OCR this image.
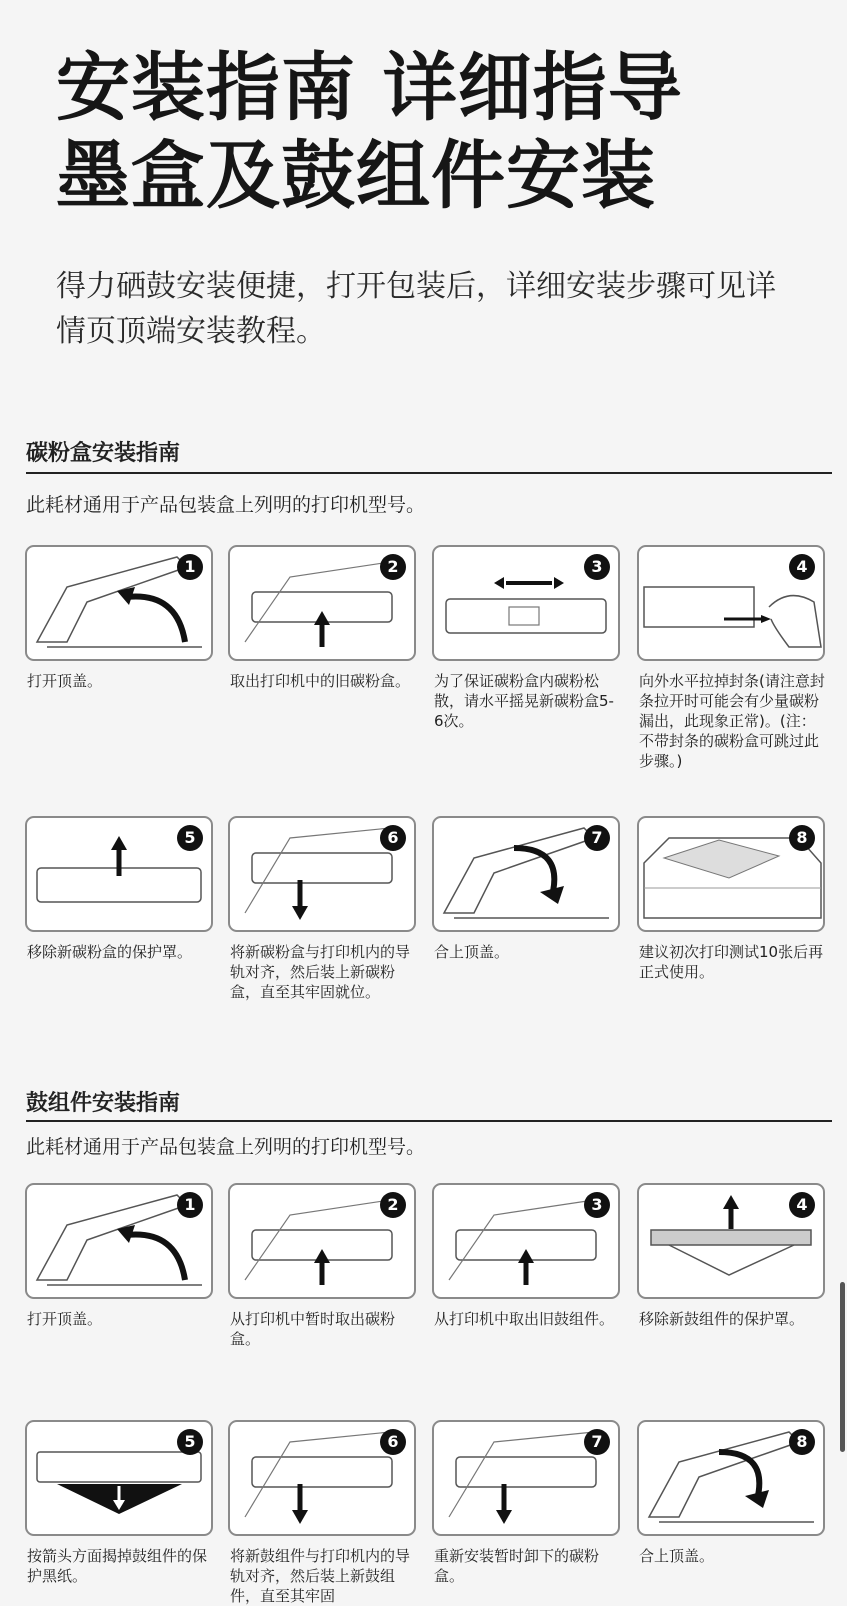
安装指南 详细指导
墨盒及鼓组件安装

得力硒鼓安装便捷，打开包装后，详细安装步骤可见详情页顶端安装教程。

碳粉盒安装指南

此耗材通用于产品包装盒上列明的打印机型号。

1
打开顶盖。
2
取出打印机中的旧碳粉盒。
3
为了保证碳粉盒内碳粉松散，请水平摇晃新碳粉盒5-6次。
4
向外水平拉掉封条(请注意封条拉开时可能会有少量碳粉漏出，此现象正常)。(注：不带封条的碳粉盒可跳过此步骤。)
5
移除新碳粉盒的保护罩。
6
将新碳粉盒与打印机内的导轨对齐，然后装上新碳粉盒，直至其牢固就位。
7
合上顶盖。
8
建议初次打印测试10张后再正式使用。
鼓组件安装指南

此耗材通用于产品包装盒上列明的打印机型号。

1
打开顶盖。
2
从打印机中暂时取出碳粉盒。
3
从打印机中取出旧鼓组件。
4
移除新鼓组件的保护罩。
5
按箭头方面揭掉鼓组件的保护黑纸。
6
将新鼓组件与打印机内的导轨对齐，然后装上新鼓组件，直至其牢固
7
重新安装暂时卸下的碳粉盒。
8
合上顶盖。
